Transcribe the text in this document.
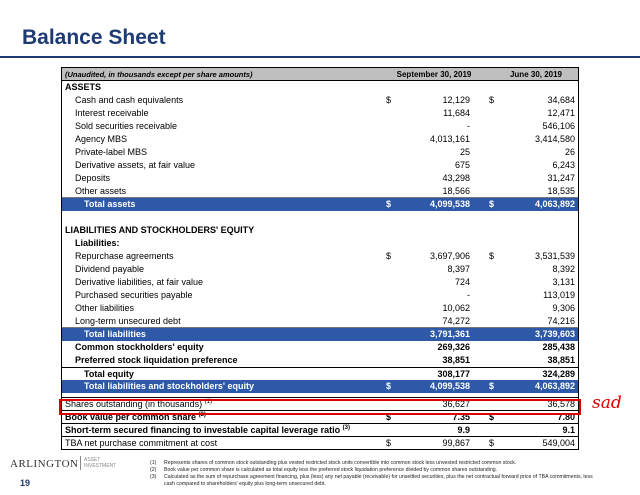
Balance Sheet
(Unaudited, in thousands except per share amounts)	September 30, 2019	June 30, 2019
ASSETS
Cash and cash equivalents	$	12,129 $	34,684
Interest receivable	11,684	12,471
Sold securities receivable	-	546,106
Agency MBS	4,013,161	3,414,580
Private-label MBS	25	26
Derivative assets, at fair value	675	6,243
Deposits	43,298	31,247
Other assets	18,566	18,535
Total assets	$	4,099,538 $	4,063,892
LIABILITIES AND STOCKHOLDERS' EQUITY
Liabilities:
Repurchase agreements	$	3,697,906 $	3,531,539
Dividend payable	8,397	8,392
Derivative liabilities, at fair value	724	3,131
Purchased securities payable	-	113,019
Other liabilities	10,062	9,306
Long-term unsecured debt	74,272	74,216
Total liabilities	3,791,361	3,739,603
Common stockholders' equity	269,326	285,438
Preferred stock liquidation preference	38,851	38,851
Total equity	308,177	324,289
Total liabilities and stockholders' equity	$	4,099,538 $	4,063,892
Shares outstanding (in thousands) $^{(1)}$	36,627	36,578
Book value per common share $^{(2)}$	$	7.35 $	7.80
Short-term secured financing to investable capital leverage ratio $^{(3)}$	9.9	9.1
TBA net purchase commitment at cost	$	99,867 $	549,004
sad
ARLINGTON ASSET
INVESTMENT
19
(1) Represents shares of common stock outstanding plus vested restricted stock units convertible into common stock less unvested restricted common stock.
(2) Book value per common share is calculated as total equity less the preferred stock liquidation preference divided by common shares outstanding.
(3) Calculated as the sum of repurchase agreement financing, plus (less) any net payable (receivable) for unsettled securities, plus the net contractual forward price of TBA commitments, less
cash compared to shareholders' equity plus long-term unsecured debt.
